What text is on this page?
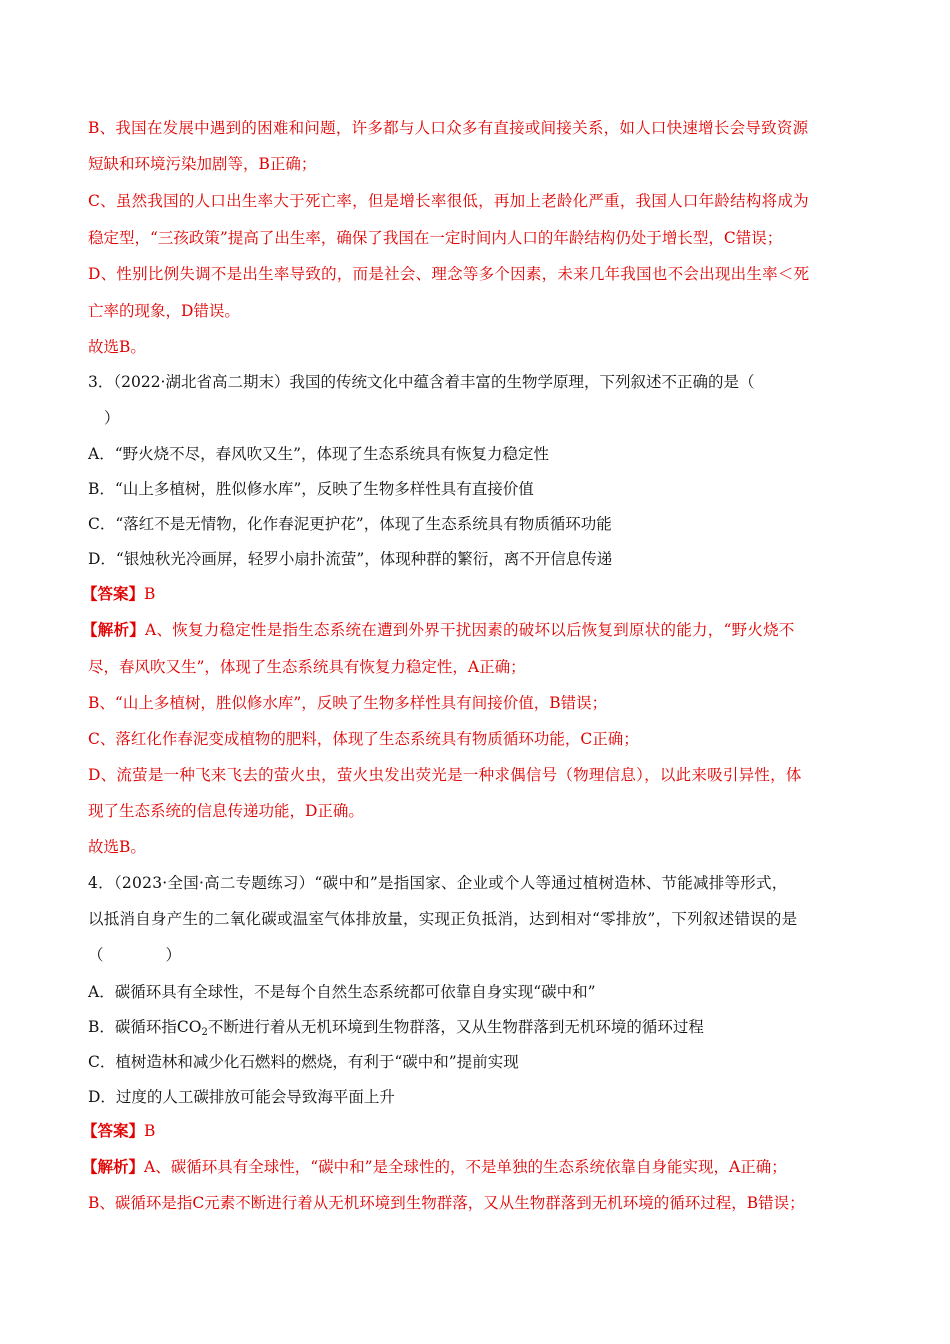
B、我国在发展中遇到的困难和问题，许多都与人口众多有直接或间接关系，如人口快速增长会导致资源
短缺和环境污染加剧等，B正确；
C、虽然我国的人口出生率大于死亡率，但是增长率很低，再加上老龄化严重，我国人口年龄结构将成为
稳定型，“三孩政策”提高了出生率，确保了我国在一定时间内人口的年龄结构仍处于增长型，C错误；
D、性别比例失调不是出生率导致的，而是社会、理念等多个因素，未来几年我国也不会出现出生率＜死
亡率的现象，D错误。
故选B。
3．（2022·湖北省高二期末）我国的传统文化中蕴含着丰富的生物学原理，下列叙述不正确的是（
）
A．“野火烧不尽，春风吹又生”，体现了生态系统具有恢复力稳定性
B．“山上多植树，胜似修水库”，反映了生物多样性具有直接价值
C．“落红不是无情物，化作春泥更护花”，体现了生态系统具有物质循环功能
D．“银烛秋光冷画屏，轻罗小扇扑流萤”，体现种群的繁衍，离不开信息传递
【答案】B
【解析】A、恢复力稳定性是指生态系统在遭到外界干扰因素的破坏以后恢复到原状的能力，“野火烧不
尽，春风吹又生”，体现了生态系统具有恢复力稳定性，A正确；
B、“山上多植树，胜似修水库”，反映了生物多样性具有间接价值，B错误；
C、落红化作春泥变成植物的肥料，体现了生态系统具有物质循环功能，C正确；
D、流萤是一种飞来飞去的萤火虫，萤火虫发出荧光是一种求偶信号（物理信息），以此来吸引异性，体
现了生态系统的信息传递功能，D正确。
故选B。
4．（2023·全国·高二专题练习）“碳中和”是指国家、企业或个人等通过植树造林、节能减排等形式，
以抵消自身产生的二氧化碳或温室气体排放量，实现正负抵消，达到相对“零排放”，下列叙述错误的是
（　　　　）
A．碳循环具有全球性，不是每个自然生态系统都可依靠自身实现“碳中和”
B．碳循环指$CO_2$不断进行着从无机环境到生物群落，又从生物群落到无机环境的循环过程
C．植树造林和减少化石燃料的燃烧，有利于“碳中和”提前实现
D．过度的人工碳排放可能会导致海平面上升
【答案】B
【解析】A、碳循环具有全球性，“碳中和”是全球性的，不是单独的生态系统依靠自身能实现，A正确；
B、碳循环是指C元素不断进行着从无机环境到生物群落，又从生物群落到无机环境的循环过程，B错误；
